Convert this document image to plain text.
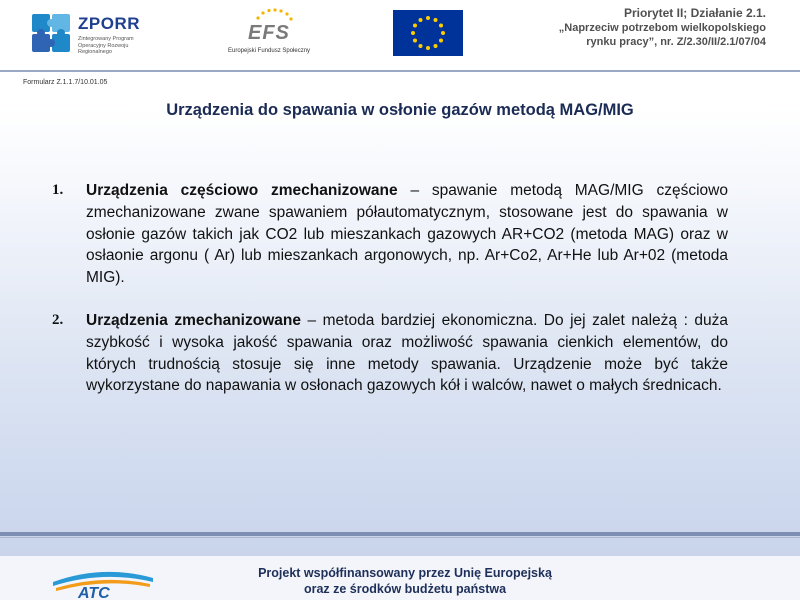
ZPORR
Zintegrowany Program Operacyjny Rozwoju Regionalnego
EFS
Europejski Fundusz Społeczny
Priorytet II; Działanie 2.1.
„Naprzeciw potrzebom wielkopolskiego
rynku pracy”, nr. Z/2.30/II/2.1/07/04
Formularz Z.1.1.7/10.01.05
Urządzenia do spawania w osłonie gazów metodą MAG/MIG
1. Urządzenia częściowo zmechanizowane – spawanie metodą MAG/MIG częściowo zmechanizowane zwane spawaniem półautomatycznym, stosowane jest do spawania w osłonie gazów takich jak CO2 lub mieszankach gazowych AR+CO2 (metoda MAG) oraz w osłaonie argonu ( Ar) lub mieszankach argonowych, np. Ar+Co2, Ar+He lub Ar+02 (metoda MIG).
2. Urządzenia zmechanizowane – metoda bardziej ekonomiczna. Do jej zalet należą : duża szybkość i wysoka jakość spawania oraz możliwość spawania cienkich elementów, do których trudnością stosuje się inne metody spawania. Urządzenie może być także wykorzystane do napawania w osłonach gazowych kół i walców, nawet o małych średnicach.
ATC
Projekt współfinansowany przez Unię Europejską
oraz ze środków budżetu państwa
